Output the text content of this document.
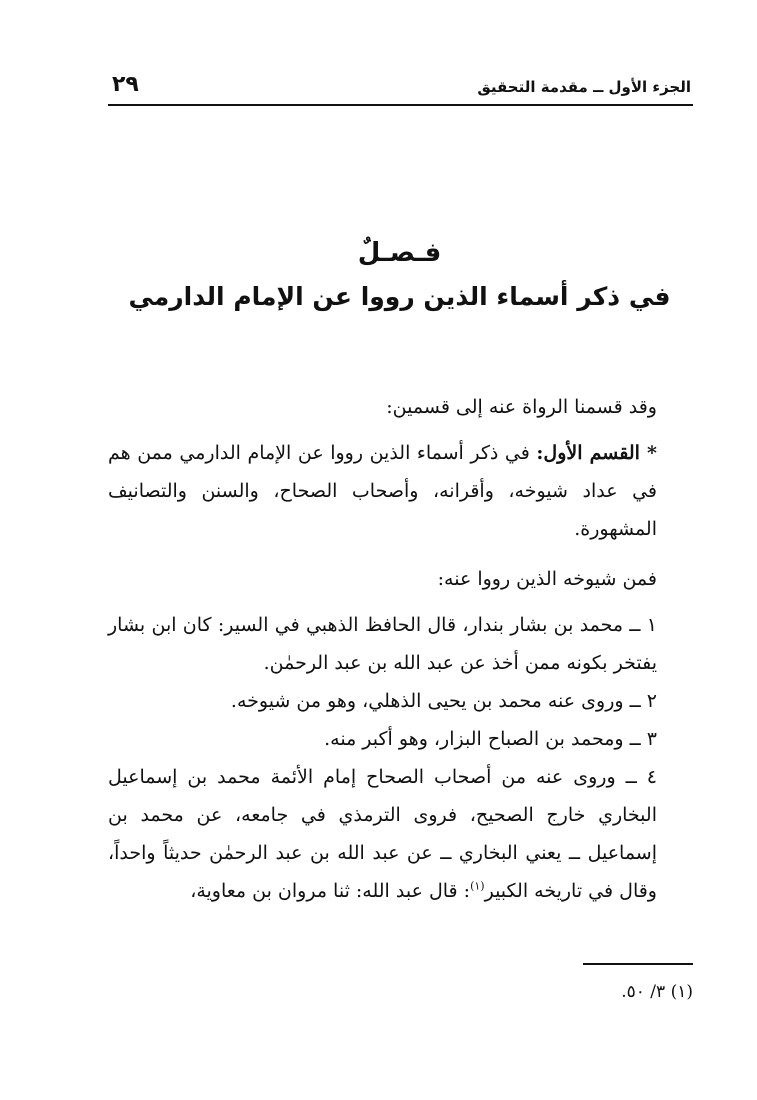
الجزء الأول ــ مقدمة التحقيق
٢٩
فـصـلٌ
في ذكر أسماء الذين رووا عن الإمام الدارمي

وقد قسمنا الرواة عنه إلى قسمين:

* القسم الأول: في ذكر أسماء الذين رووا عن الإمام الدارمي ممن هم في عداد شيوخه، وأقرانه، وأصحاب الصحاح، والسنن والتصانيف المشهورة.

فمن شيوخه الذين رووا عنه:

١ ــ محمد بن بشار بندار، قال الحافظ الذهبي في السير: كان ابن بشار يفتخر بكونه ممن أخذ عن عبد الله بن عبد الرحمٰن.

٢ ــ وروى عنه محمد بن يحيى الذهلي، وهو من شيوخه.

٣ ــ ومحمد بن الصباح البزار، وهو أكبر منه.

٤ ــ وروى عنه من أصحاب الصحاح إمام الأئمة محمد بن إسماعيل البخاري خارج الصحيح، فروى الترمذي في جامعه، عن محمد بن إسماعيل ــ يعني البخاري ــ عن عبد الله بن عبد الرحمٰن حديثاً واحداً، وقال في تاريخه الكبير$^{(١)}$: قال عبد الله: ثنا مروان بن معاوية،

(١) ٣/ ٥٠.
